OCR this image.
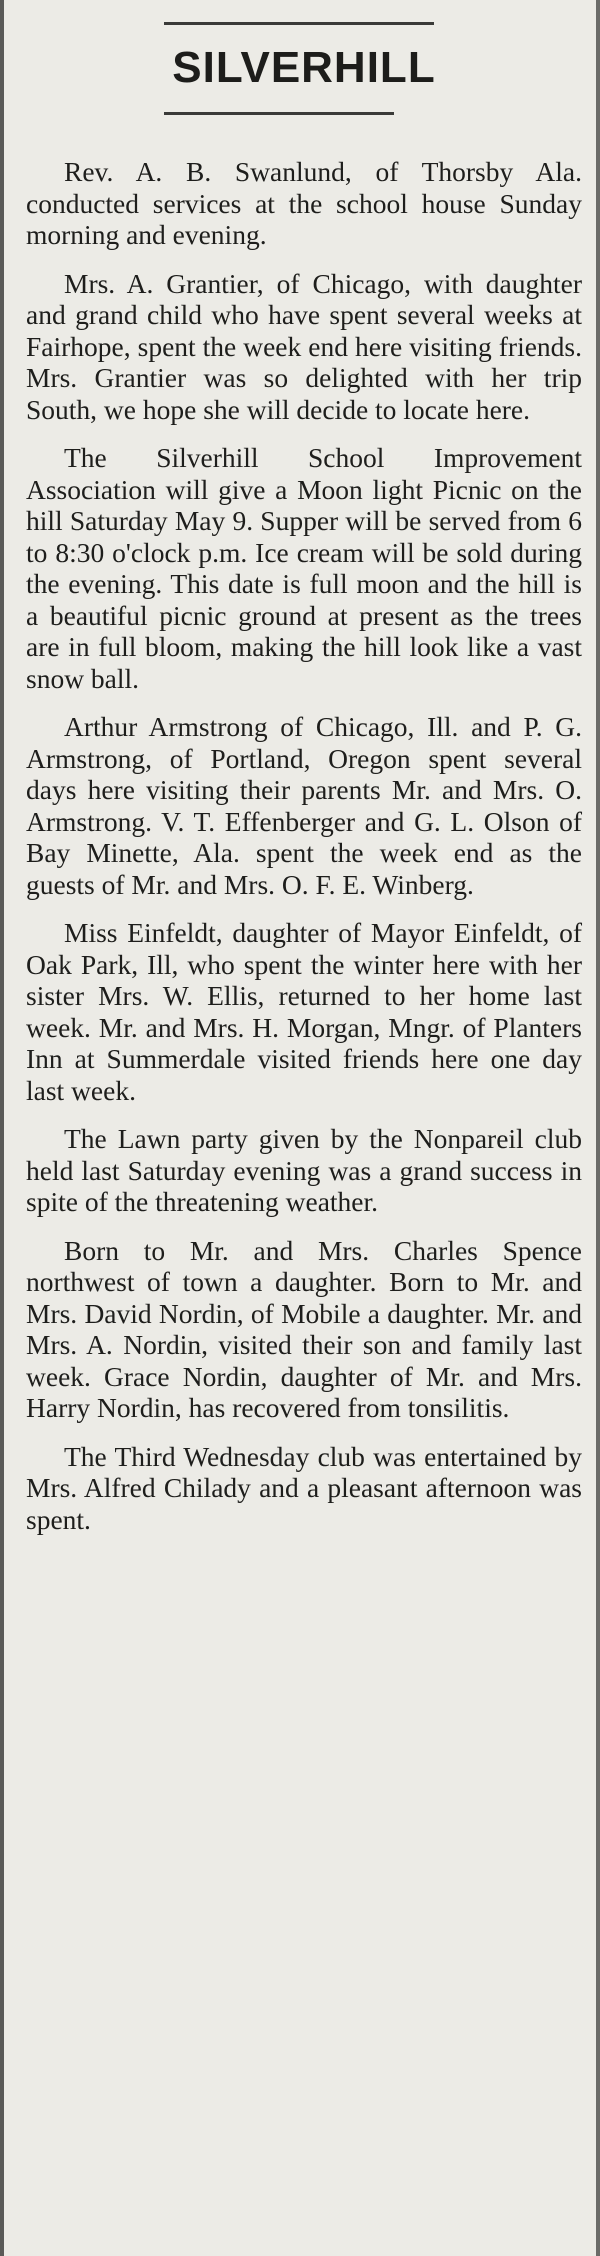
SILVERHILL

Rev. A. B. Swanlund, of Thorsby Ala. conducted services at the school house Sunday morning and evening.

Mrs. A. Grantier, of Chicago, with daughter and grand child who have spent several weeks at Fairhope, spent the week end here visiting friends. Mrs. Grantier was so delighted with her trip South, we hope she will decide to locate here.

The Silverhill School Improvement Association will give a Moon light Picnic on the hill Saturday May 9. Supper will be served from 6 to 8:30 o'clock p.m. Ice cream will be sold during the evening. This date is full moon and the hill is a beautiful picnic ground at present as the trees are in full bloom, making the hill look like a vast snow ball.

Arthur Armstrong of Chicago, Ill. and P. G. Armstrong, of Portland, Oregon spent several days here visiting their parents Mr. and Mrs. O. Armstrong. V. T. Effenberger and G. L. Olson of Bay Minette, Ala. spent the week end as the guests of Mr. and Mrs. O. F. E. Winberg.

Miss Einfeldt, daughter of Mayor Einfeldt, of Oak Park, Ill, who spent the winter here with her sister Mrs. W. Ellis, returned to her home last week. Mr. and Mrs. H. Morgan, Mngr. of Planters Inn at Summerdale visited friends here one day last week.

The Lawn party given by the Nonpareil club held last Saturday evening was a grand success in spite of the threatening weather.

Born to Mr. and Mrs. Charles Spence northwest of town a daughter. Born to Mr. and Mrs. David Nordin, of Mobile a daughter. Mr. and Mrs. A. Nordin, visited their son and family last week. Grace Nordin, daughter of Mr. and Mrs. Harry Nordin, has recovered from tonsilitis.

The Third Wednesday club was entertained by Mrs. Alfred Chilady and a pleasant afternoon was spent.
